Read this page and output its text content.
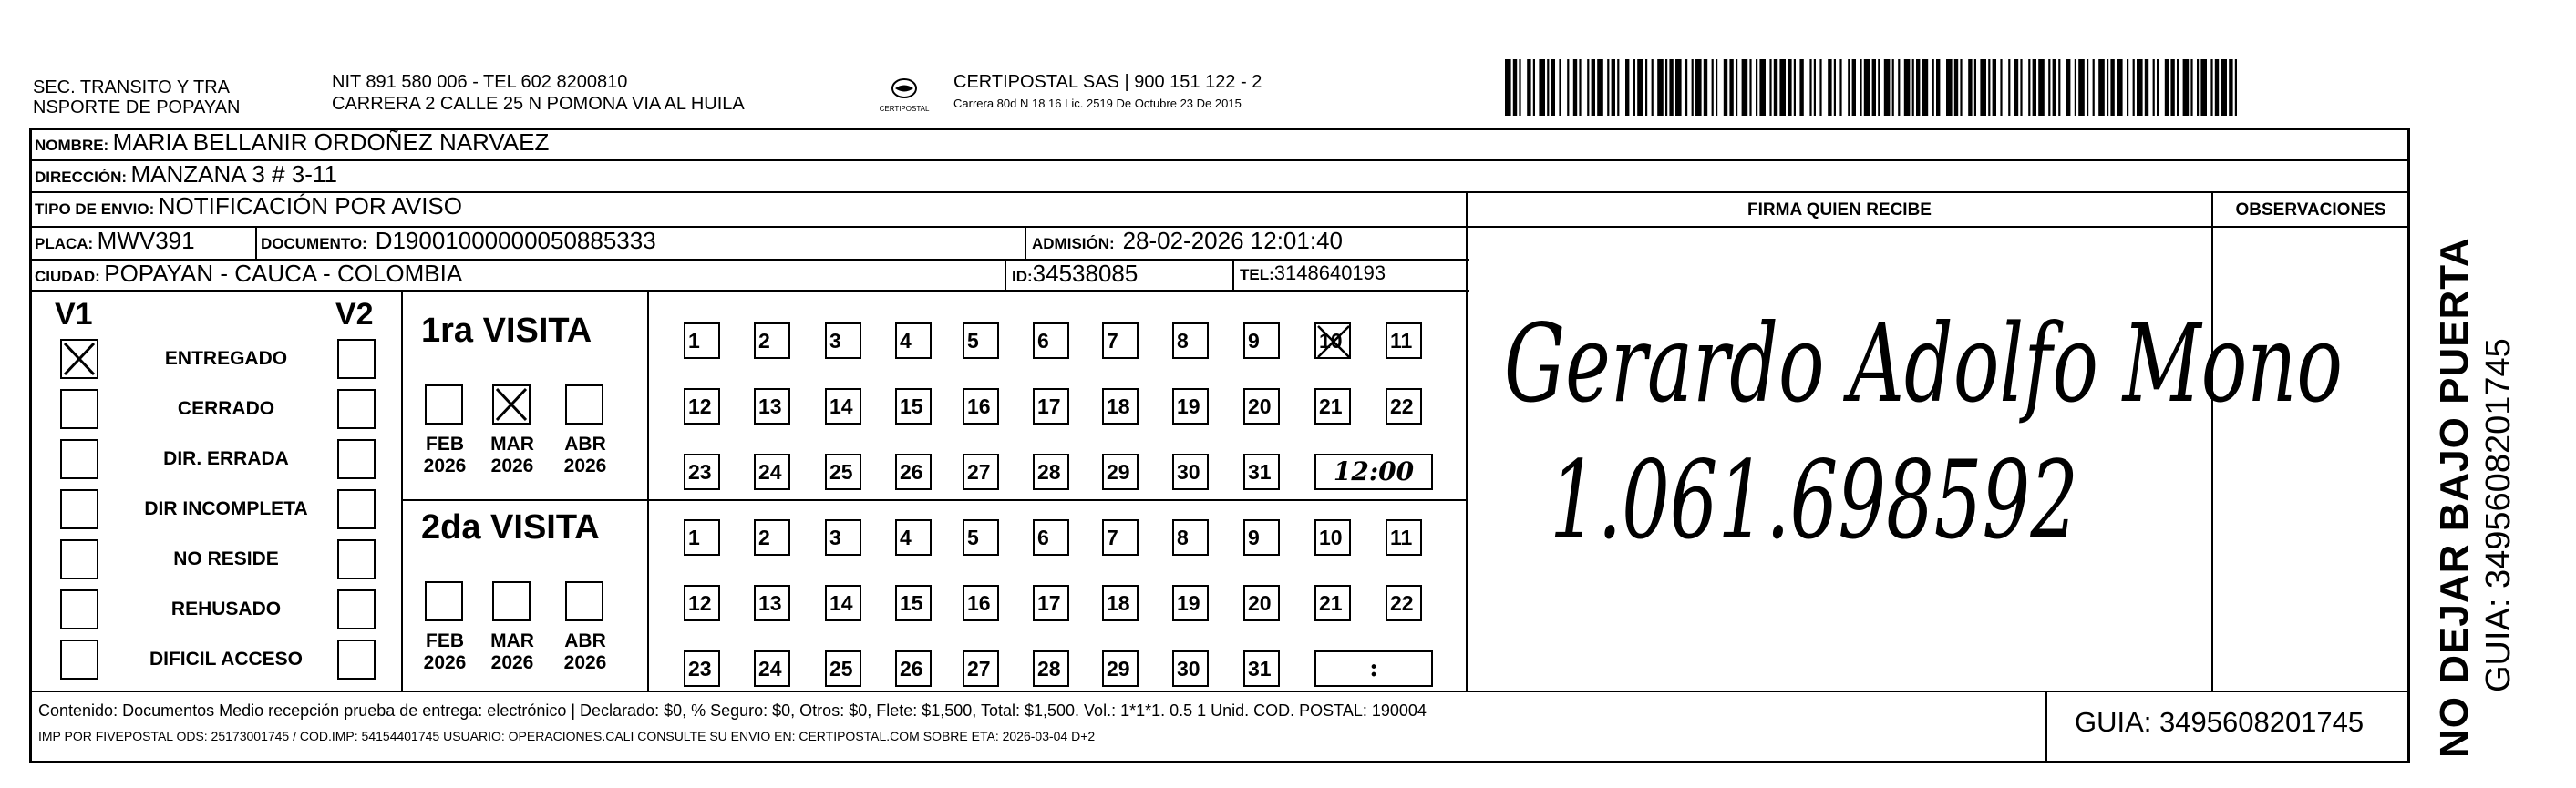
SEC. TRANSITO Y TRA
NSPORTE DE POPAYAN
NIT 891 580 006 - TEL 602 8200810
CARRERA 2 CALLE 25 N POMONA VIA AL HUILA	CERTIPOSTAL
CERTIPOSTAL SAS | 900 151 122 - 2
Carrera 80d N 18 16 Lic. 2519 De Octubre 23 De 2015
NOMBRE: MARIA BELLANIR ORDOÑEZ NARVAEZ
DIRECCIÓN: MANZANA 3 # 3-11
TIPO DE ENVIO: NOTIFICACIÓN POR AVISO
PLACA: MWV391	DOCUMENTO: D19001000000050885333	ADMISIÓN: 28-02-2026 12:01:40
CIUDAD: POPAYAN - CAUCA - COLOMBIA	ID:34538085	TEL:3148640193
FIRMA QUIEN RECIBE	OBSERVACIONES
Gerardo Adolfo Mono
1.061.698592
V1	V2
ENTREGADO
CERRADO
DIR. ERRADA
DIR INCOMPLETA
NO RESIDE
REHUSADO
DIFICIL ACCESO
1ra VISITA
2da VISITA
FEB
2026
MAR
2026
ABR
2026
1	2	3	4	5	6	7	8	9	10	11
12	13	14	15	16	17	18	19	20	21	22
23	24	25	26	27	28	29	30	31	12:00
FEB
2026
MAR
2026
ABR
2026
1	2	3	4	5	6	7	8	9	10	11
12	13	14	15	16	17	18	19	20	21	22
23	24	25	26	27	28	29	30	31	:
Contenido: Documentos Medio recepción prueba de entrega: electrónico | Declarado: $0, % Seguro: $0, Otros: $0, Flete: $1,500, Total: $1,500. Vol.: 1*1*1. 0.5 1 Unid. COD. POSTAL: 190004
IMP POR FIVEPOSTAL ODS: 25173001745 / COD.IMP: 54154401745 USUARIO: OPERACIONES.CALI CONSULTE SU ENVIO EN: CERTIPOSTAL.COM SOBRE ETA: 2026-03-04 D+2	GUIA: 3495608201745 NO DEJAR BAJO PUERTA GUIA: 3495608201745
